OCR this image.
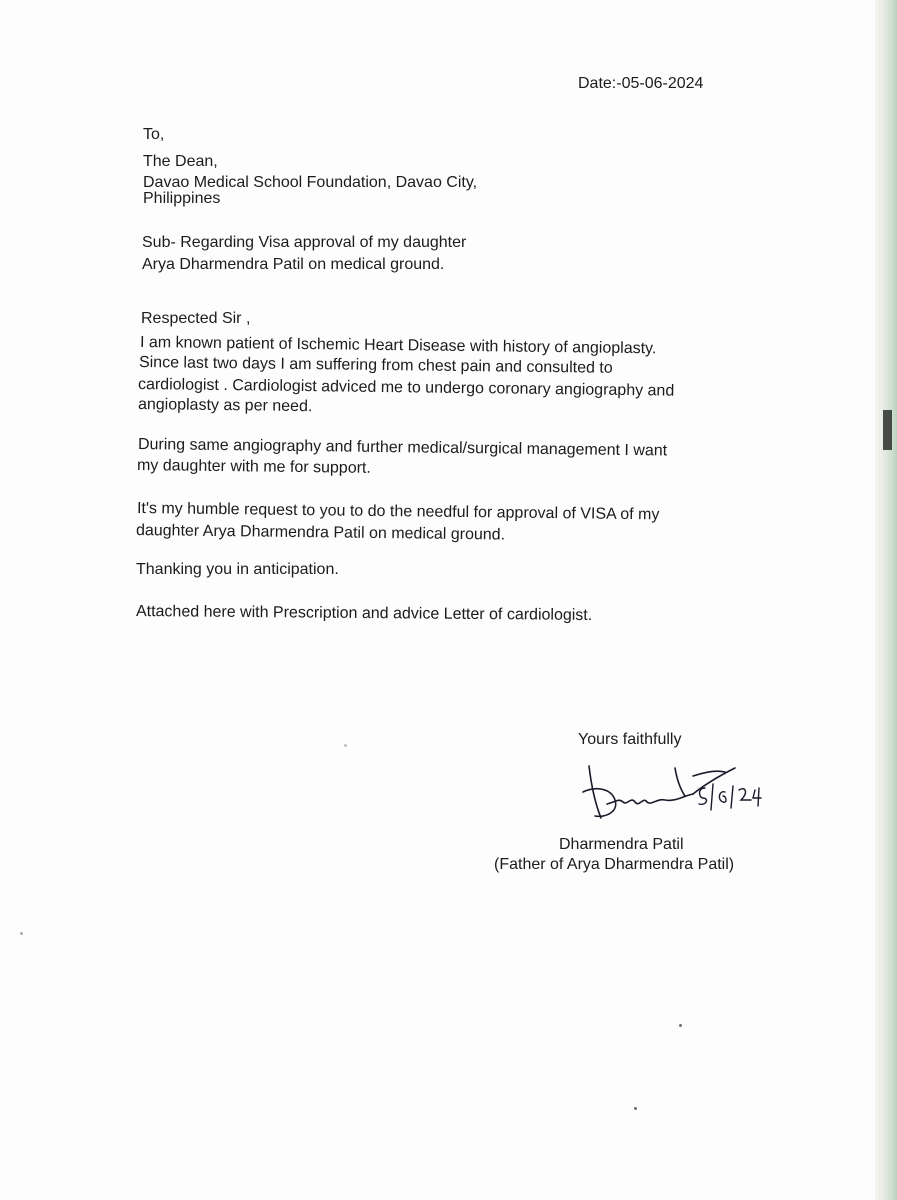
Date:-05-06-2024
To,
The Dean,
Davao Medical School Foundation, Davao City,
Philippines
Sub- Regarding Visa approval of my daughter
Arya Dharmendra Patil on medical ground.
Respected Sir ,
I am known patient of Ischemic Heart Disease with history of angioplasty.
Since last two days I am suffering from chest pain and consulted to
cardiologist . Cardiologist adviced me to undergo coronary angiography and
angioplasty as per need.
During same angiography and further medical/surgical management I want
my daughter with me for support.
It's my humble request to you to do the needful for approval of VISA of my
daughter Arya Dharmendra Patil on medical ground.
Thanking you in anticipation.
Attached here with Prescription and advice Letter of cardiologist.
Yours faithfully
Dharmendra Patil
(Father of Arya Dharmendra Patil)
